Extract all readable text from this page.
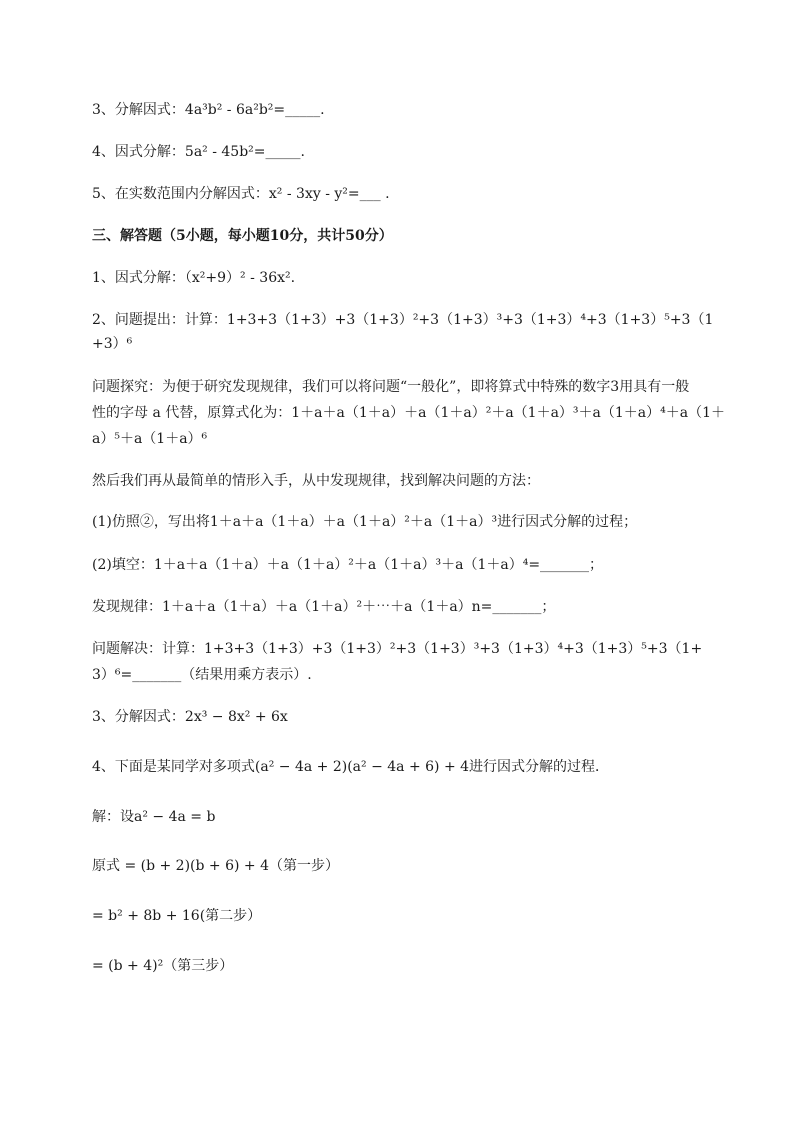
3、分解因式：4a³b² - 6a²b²=_____.
4、因式分解：5a² - 45b²=_____.
5、在实数范围内分解因式：x² - 3xy - y²=___ .
三、解答题（5小题，每小题10分，共计50分）
1、因式分解：（x²+9）² - 36x².
2、问题提出：计算：1+3+3（1+3）+3（1+3）²+3（1+3）³+3（1+3）⁴+3（1+3）⁵+3（1
+3）⁶
问题探究：为便于研究发现规律，我们可以将问题“一般化”，即将算式中特殊的数字3用具有一般
性的字母 a 代替，原算式化为：1＋a＋a（1＋a）＋a（1＋a）²＋a（1＋a）³＋a（1＋a）⁴＋a（1＋
a）⁵＋a（1＋a）⁶
然后我们再从最简单的情形入手，从中发现规律，找到解决问题的方法：
(1)仿照②，写出将1＋a＋a（1＋a）＋a（1＋a）²＋a（1＋a）³进行因式分解的过程；
(2)填空：1＋a＋a（1＋a）＋a（1＋a）²＋a（1＋a）³＋a（1＋a）⁴=_______；
发现规律：1＋a＋a（1＋a）＋a（1＋a）²＋⋯＋a（1＋a）n=_______；
问题解决：计算：1+3+3（1+3）+3（1+3）²+3（1+3）³+3（1+3）⁴+3（1+3）⁵+3（1+
3）⁶=_______（结果用乘方表示）.
3、分解因式：2x³ − 8x² + 6x
4、下面是某同学对多项式(a² − 4a + 2)(a² − 4a + 6) + 4进行因式分解的过程．
解：设a² − 4a = b
原式 = (b + 2)(b + 6) + 4（第一步）
= b² + 8b + 16(第二步）
= (b + 4)²（第三步）
